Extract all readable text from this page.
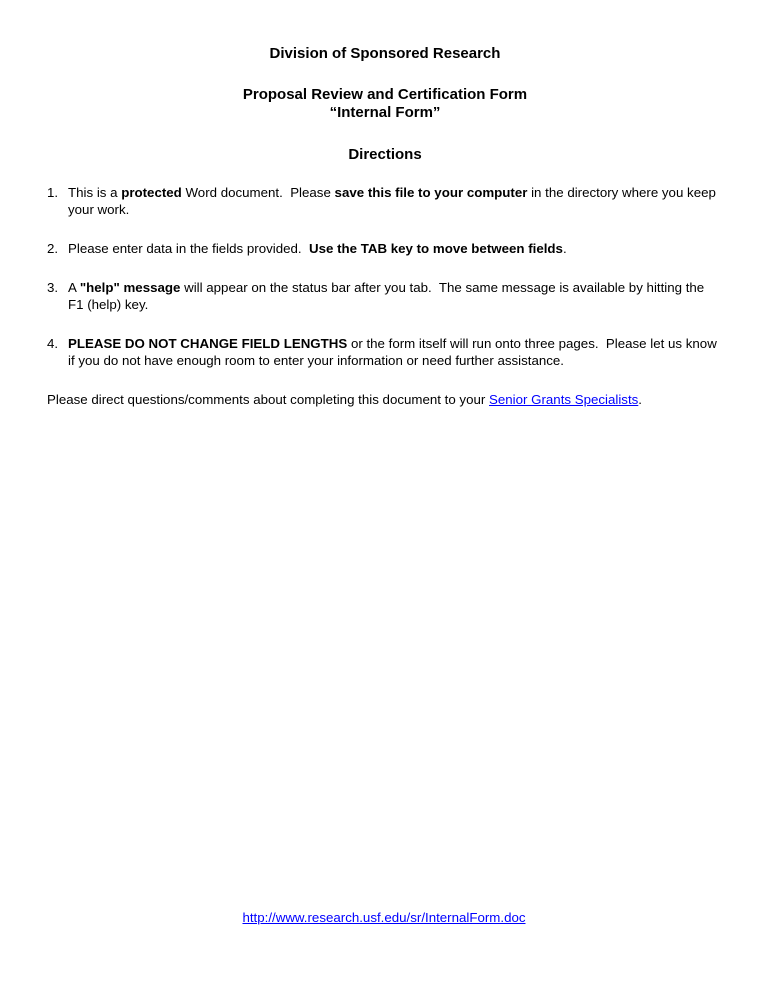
Division of Sponsored Research
Proposal Review and Certification Form
“Internal Form”
Directions
1. This is a protected Word document.  Please save this file to your computer in the directory where you keep your work.
2. Please enter data in the fields provided.  Use the TAB key to move between fields.
3. A "help" message will appear on the status bar after you tab.  The same message is available by hitting the F1 (help) key.
4. PLEASE DO NOT CHANGE FIELD LENGTHS or the form itself will run onto three pages.  Please let us know if you do not have enough room to enter your information or need further assistance.

Please direct questions/comments about completing this document to your Senior Grants Specialists.

http://www.research.usf.edu/sr/InternalForm.doc
